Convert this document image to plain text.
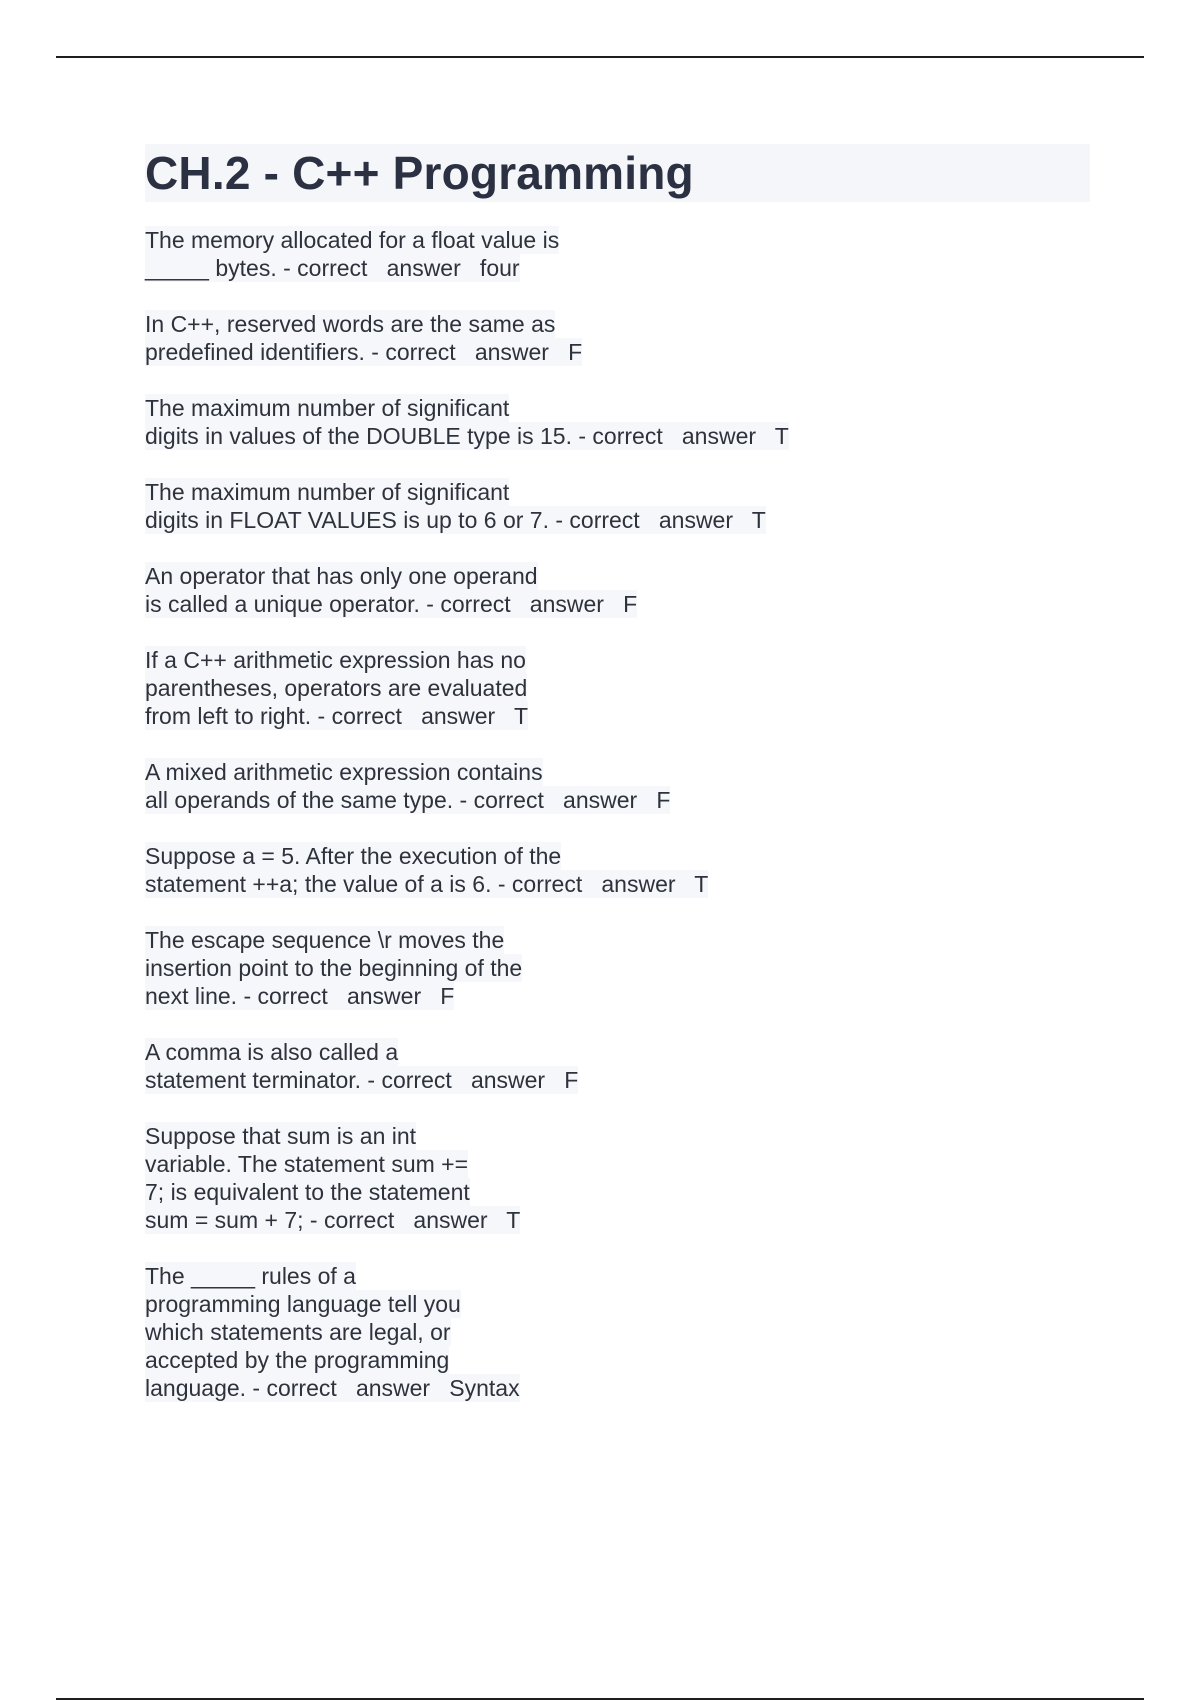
CH.2 - C++ Programming
The memory allocated for a float value is
_____ bytes. - correct   answer   four
In C++, reserved words are the same as
predefined identifiers. - correct   answer   F
The maximum number of significant
digits in values of the DOUBLE type is 15. - correct   answer   T
The maximum number of significant
digits in FLOAT VALUES is up to 6 or 7. - correct   answer   T
An operator that has only one operand
is called a unique operator. - correct   answer   F
If a C++ arithmetic expression has no
parentheses, operators are evaluated
from left to right. - correct   answer   T
A mixed arithmetic expression contains
all operands of the same type. - correct   answer   F
Suppose a = 5. After the execution of the
statement ++a; the value of a is 6. - correct   answer   T
The escape sequence \r moves the
insertion point to the beginning of the
next line. - correct   answer   F
A comma is also called a
statement terminator. - correct   answer   F
Suppose that sum is an int
variable. The statement sum +=
7; is equivalent to the statement
sum = sum + 7; - correct   answer   T
The _____ rules of a
programming language tell you
which statements are legal, or
accepted by the programming
language. - correct   answer   Syntax
